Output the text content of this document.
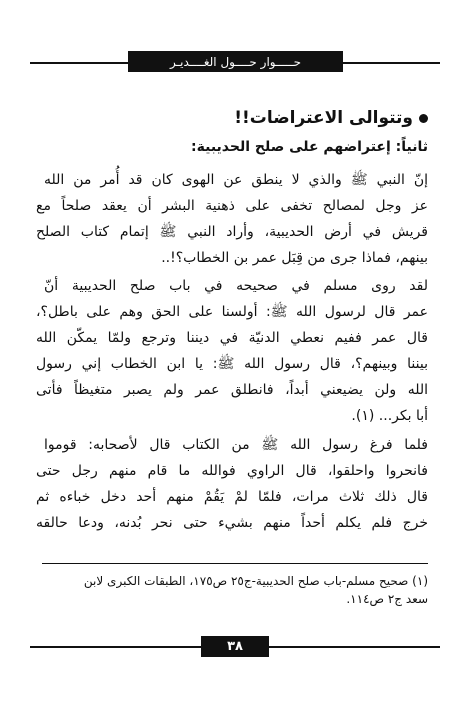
حـــــوار حــــول الغــــديـر
وتتوالى الاعتراضات!!
ثانياً: إعتراضهم على صلح الحديبية:
إنّ النبي ﷺ والذي لا ينطق عن الهوى كان قد أُمر من الله
عز وجل لمصالح تخفى على ذهنية البشر أن يعقد صلحاً مع
قريش في أرض الحديبية، وأراد النبي ﷺ إتمام كتاب الصلح
بينهم، فماذا جرى من قِبَل عمر بن الخطاب؟!..
لقد روى مسلم في صحيحه في باب صلح الحديبية أنّ
عمر قال لرسول الله ﷺ: أولسنا على الحق وهم على باطل؟،
قال عمر ففيم نعطي الدنيّة في ديننا وترجع ولمّا يمكّن الله
بيننا وبينهم؟، قال رسول الله ﷺ: يا ابن الخطاب إني رسول
الله ولن يضيعني أبداً، فانطلق عمر ولم يصبر متغيظاً فأتى
أبا بكر... (١).
فلما فرغ رسول الله ﷺ من الكتاب قال لأصحابه: قوموا
فانحروا واحلقوا، قال الراوي فوالله ما قام منهم رجل حتى
قال ذلك ثلاث مرات، فلمّا لمْ يَقُمْ منهم أحد دخل خباءه ثم
خرج فلم يكلم أحداً منهم بشيء حتى نحر بُدنه، ودعا حالقه
(١) صحيح مسلم-باب صلح الحديبية-ج٢٥ ص١٧٥، الطبقات الكبرى لابن
سعد ج٢ ص١١٤.
٣٨
